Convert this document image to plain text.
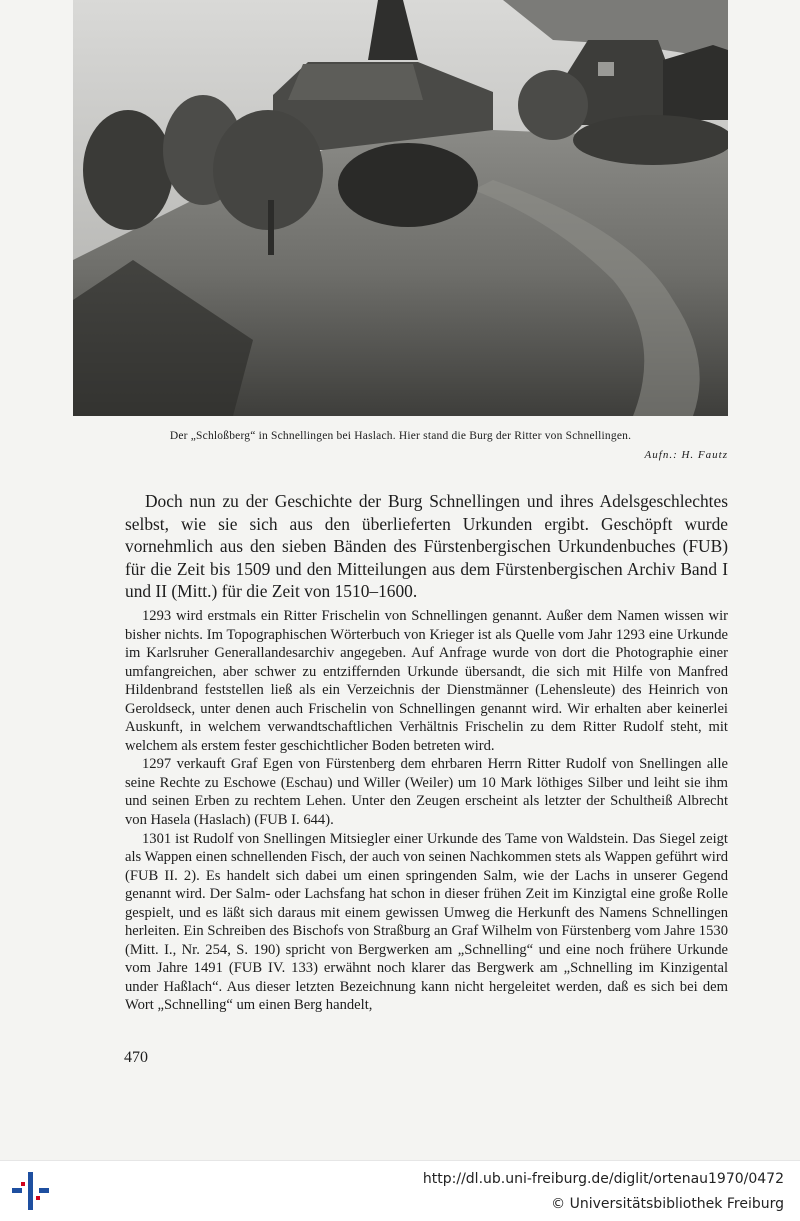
Der „Schloßberg“ in Schnellingen bei Haslach. Hier stand die Burg der Ritter von Schnellingen.
Aufn.: H. Fautz

Doch nun zu der Geschichte der Burg Schnellingen und ihres Adelsgeschlechtes selbst, wie sie sich aus den überlieferten Urkunden ergibt. Geschöpft wurde vornehmlich aus den sieben Bänden des Fürstenbergischen Urkundenbuches (FUB) für die Zeit bis 1509 und den Mitteilungen aus dem Fürstenbergischen Archiv Band I und II (Mitt.) für die Zeit von 1510–1600.

1293 wird erstmals ein Ritter Frischelin von Schnellingen genannt. Außer dem Namen wissen wir bisher nichts. Im Topographischen Wörterbuch von Krieger ist als Quelle vom Jahr 1293 eine Urkunde im Karlsruher Generallandesarchiv angegeben. Auf Anfrage wurde von dort die Photographie einer umfangreichen, aber schwer zu entziffernden Urkunde übersandt, die sich mit Hilfe von Manfred Hildenbrand feststellen ließ als ein Verzeichnis der Dienstmänner (Lehensleute) des Heinrich von Geroldseck, unter denen auch Frischelin von Schnellingen genannt wird. Wir erhalten aber keinerlei Auskunft, in welchem verwandtschaftlichen Verhältnis Frischelin zu dem Ritter Rudolf steht, mit welchem als erstem fester geschichtlicher Boden betreten wird.

1297 verkauft Graf Egen von Fürstenberg dem ehrbaren Herrn Ritter Rudolf von Snellingen alle seine Rechte zu Eschowe (Eschau) und Willer (Weiler) um 10 Mark löthiges Silber und leiht sie ihm und seinen Erben zu rechtem Lehen. Unter den Zeugen erscheint als letzter der Schultheiß Albrecht von Hasela (Haslach) (FUB I. 644).

1301 ist Rudolf von Snellingen Mitsiegler einer Urkunde des Tame von Waldstein. Das Siegel zeigt als Wappen einen schnellenden Fisch, der auch von seinen Nachkommen stets als Wappen geführt wird (FUB II. 2). Es handelt sich dabei um einen springenden Salm, wie der Lachs in unserer Gegend genannt wird. Der Salm- oder Lachsfang hat schon in dieser frühen Zeit im Kinzigtal eine große Rolle gespielt, und es läßt sich daraus mit einem gewissen Umweg die Herkunft des Namens Schnellingen herleiten. Ein Schreiben des Bischofs von Straßburg an Graf Wilhelm von Fürstenberg vom Jahre 1530 (Mitt. I., Nr. 254, S. 190) spricht von Bergwerken am „Schnelling“ und eine noch frühere Urkunde vom Jahre 1491 (FUB IV. 133) erwähnt noch klarer das Bergwerk am „Schnelling im Kinzigental under Haßlach“. Aus dieser letzten Bezeichnung kann nicht hergeleitet werden, daß es sich bei dem Wort „Schnelling“ um einen Berg handelt,

470
http://dl.ub.uni-freiburg.de/diglit/ortenau1970/0472
© Universitätsbibliothek Freiburg
